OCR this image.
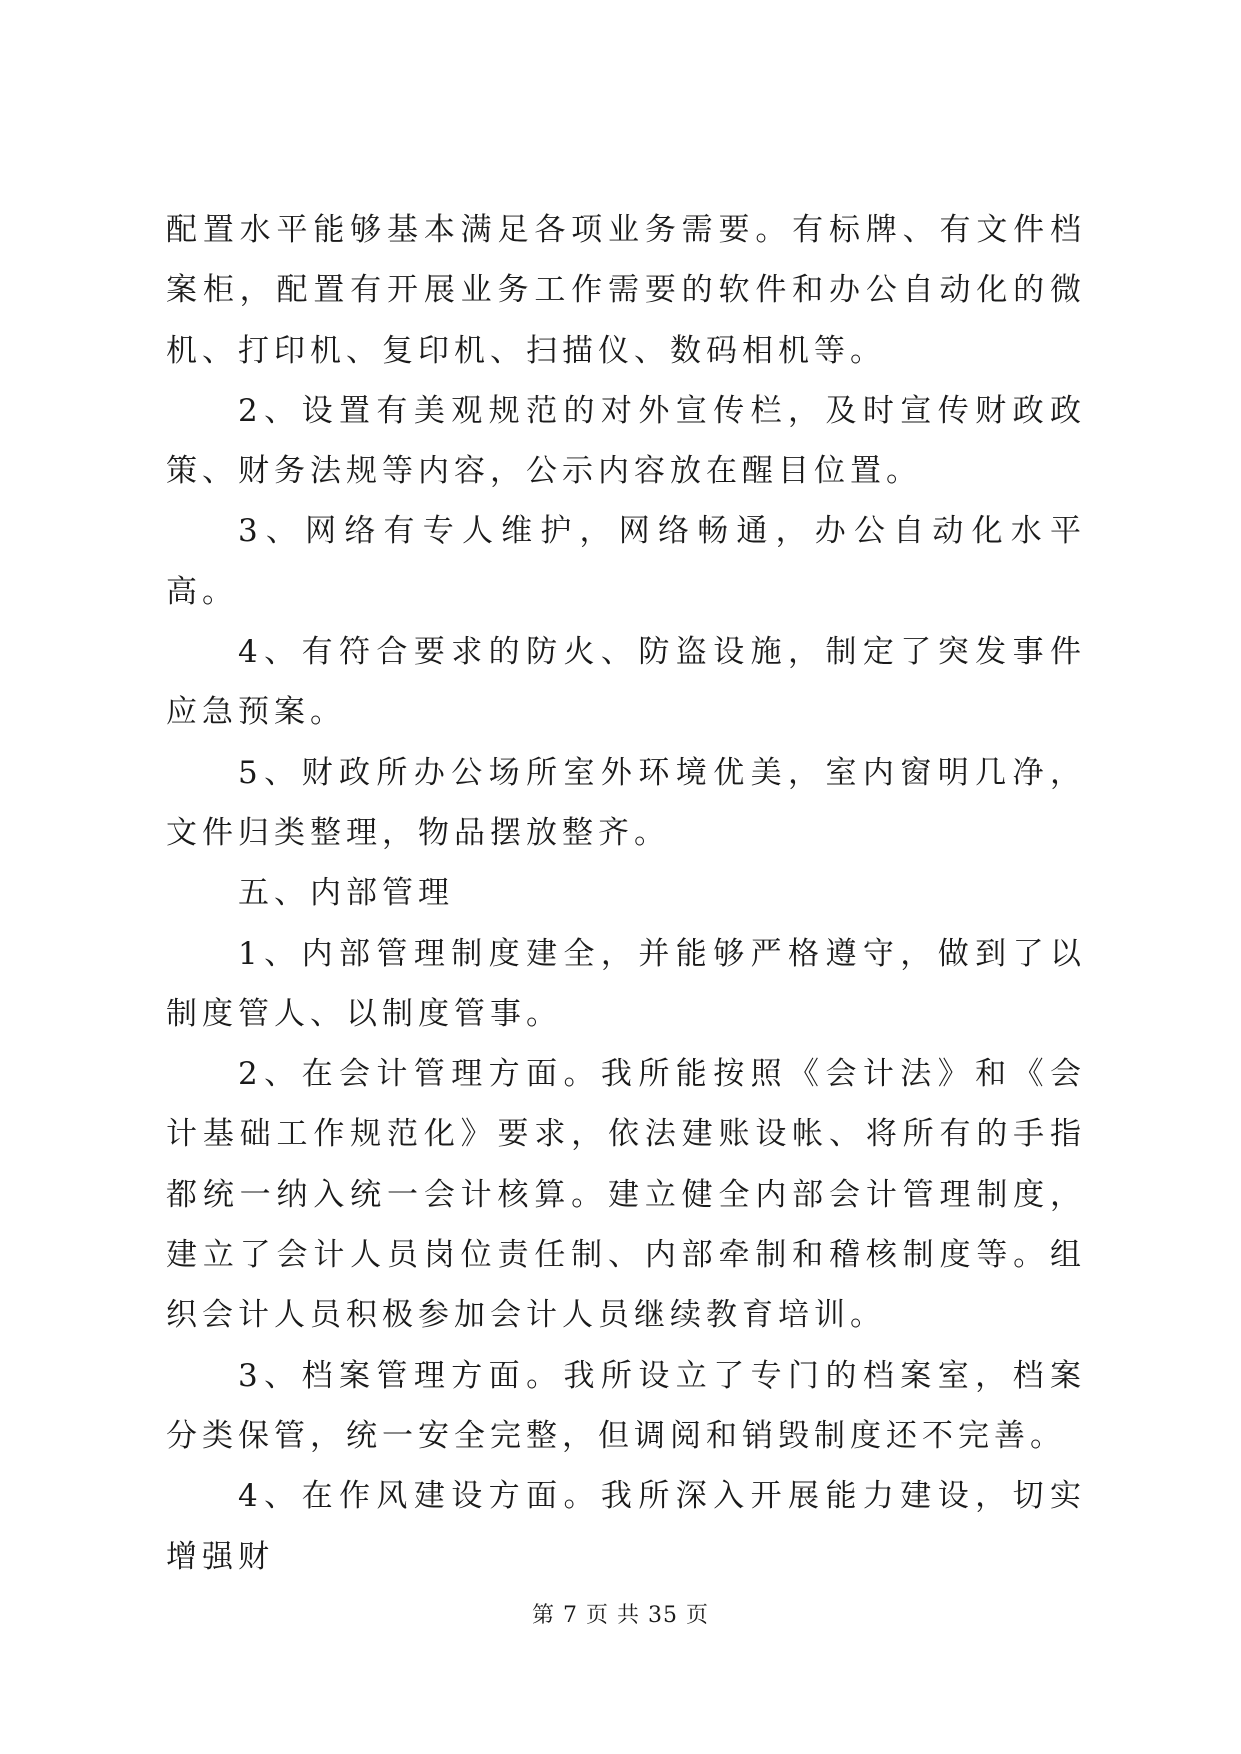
配置水平能够基本满足各项业务需要。有标牌、有文件档案柜，配置有开展业务工作需要的软件和办公自动化的微机、打印机、复印机、扫描仪、数码相机等。

2、设置有美观规范的对外宣传栏，及时宣传财政政策、财务法规等内容，公示内容放在醒目位置。

3、网络有专人维护，网络畅通，办公自动化水平高。

4、有符合要求的防火、防盗设施，制定了突发事件应急预案。

5、财政所办公场所室外环境优美，室内窗明几净，文件归类整理，物品摆放整齐。

五、内部管理

1、内部管理制度建全，并能够严格遵守，做到了以制度管人、以制度管事。

2、在会计管理方面。我所能按照《会计法》和《会计基础工作规范化》要求，依法建账设帐、将所有的手指都统一纳入统一会计核算。建立健全内部会计管理制度，建立了会计人员岗位责任制、内部牵制和稽核制度等。组织会计人员积极参加会计人员继续教育培训。

3、档案管理方面。我所设立了专门的档案室，档案分类保管，统一安全完整，但调阅和销毁制度还不完善。

4、在作风建设方面。我所深入开展能力建设，切实增强财

第 7 页 共 35 页
